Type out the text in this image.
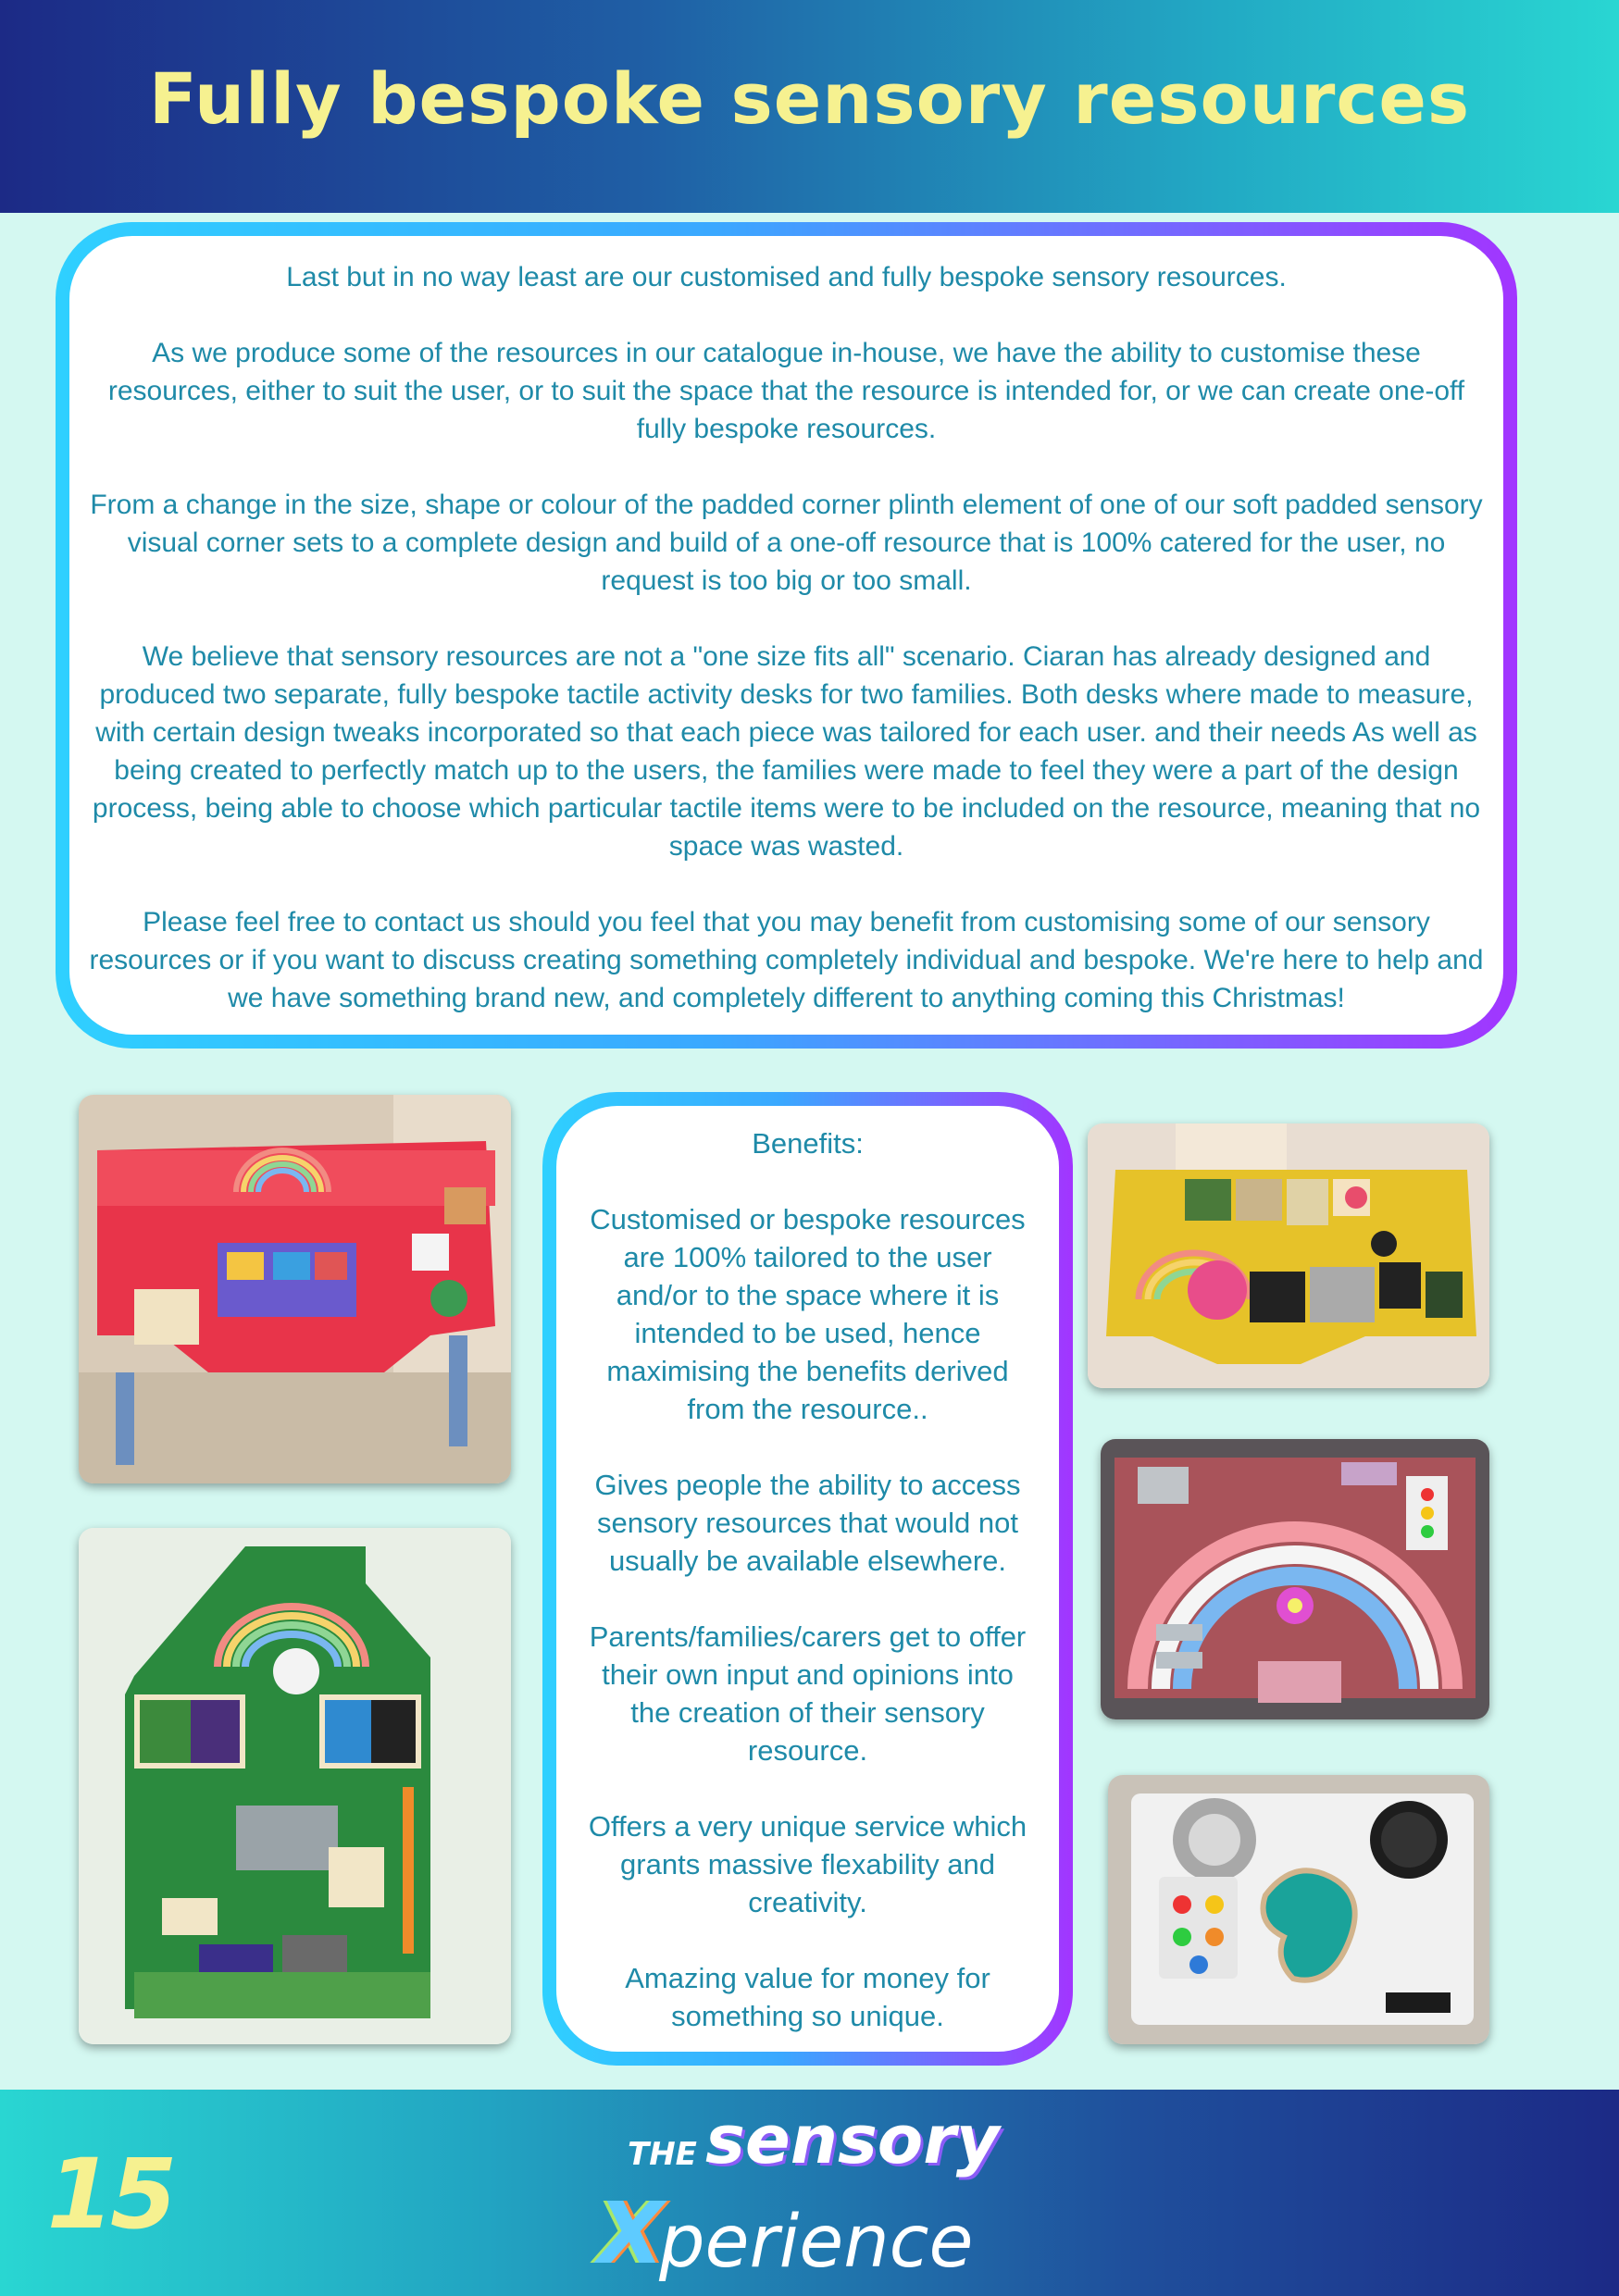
Fully bespoke sensory resources

Last but in no way least are our customised and fully bespoke sensory resources.

As we produce some of the resources in our catalogue in-house, we have the ability to customise these resources, either to suit the user, or to suit the space that the resource is intended for, or we can create one-off fully bespoke resources.

From a change in the size, shape or colour of the padded corner plinth element of one of our soft padded sensory visual corner sets to a complete design and build of a one-off resource that is 100% catered for the user, no request is too big or too small.

We believe that sensory resources are not a "one size fits all" scenario. Ciaran has already designed and produced two separate, fully bespoke tactile activity desks for two families. Both desks where made to measure, with certain design tweaks incorporated so that each piece was tailored for each user. and their needs As well as being created to perfectly match up to the users, the families were made to feel they were a part of the design process, being able to choose which particular tactile items were to be included on the resource, meaning that no space was wasted.

Please feel free to contact us should you feel that you may benefit from customising some of our sensory resources or if you want to discuss creating something completely individual and bespoke. We're here to help and we have something brand new, and completely different to anything coming this Christmas!

Benefits:

Customised or bespoke resources are 100% tailored to the user and/or to the space where it is intended to be used, hence maximising the benefits derived from the resource..

Gives people the ability to access sensory resources that would not usually be available elsewhere.

Parents/families/carers get to offer their own input and opinions into the creation of their sensory resource.

Offers a very unique service which grants massive flexability and creativity.

Amazing value for money for something so unique.

15	THE sensory
X
perience
